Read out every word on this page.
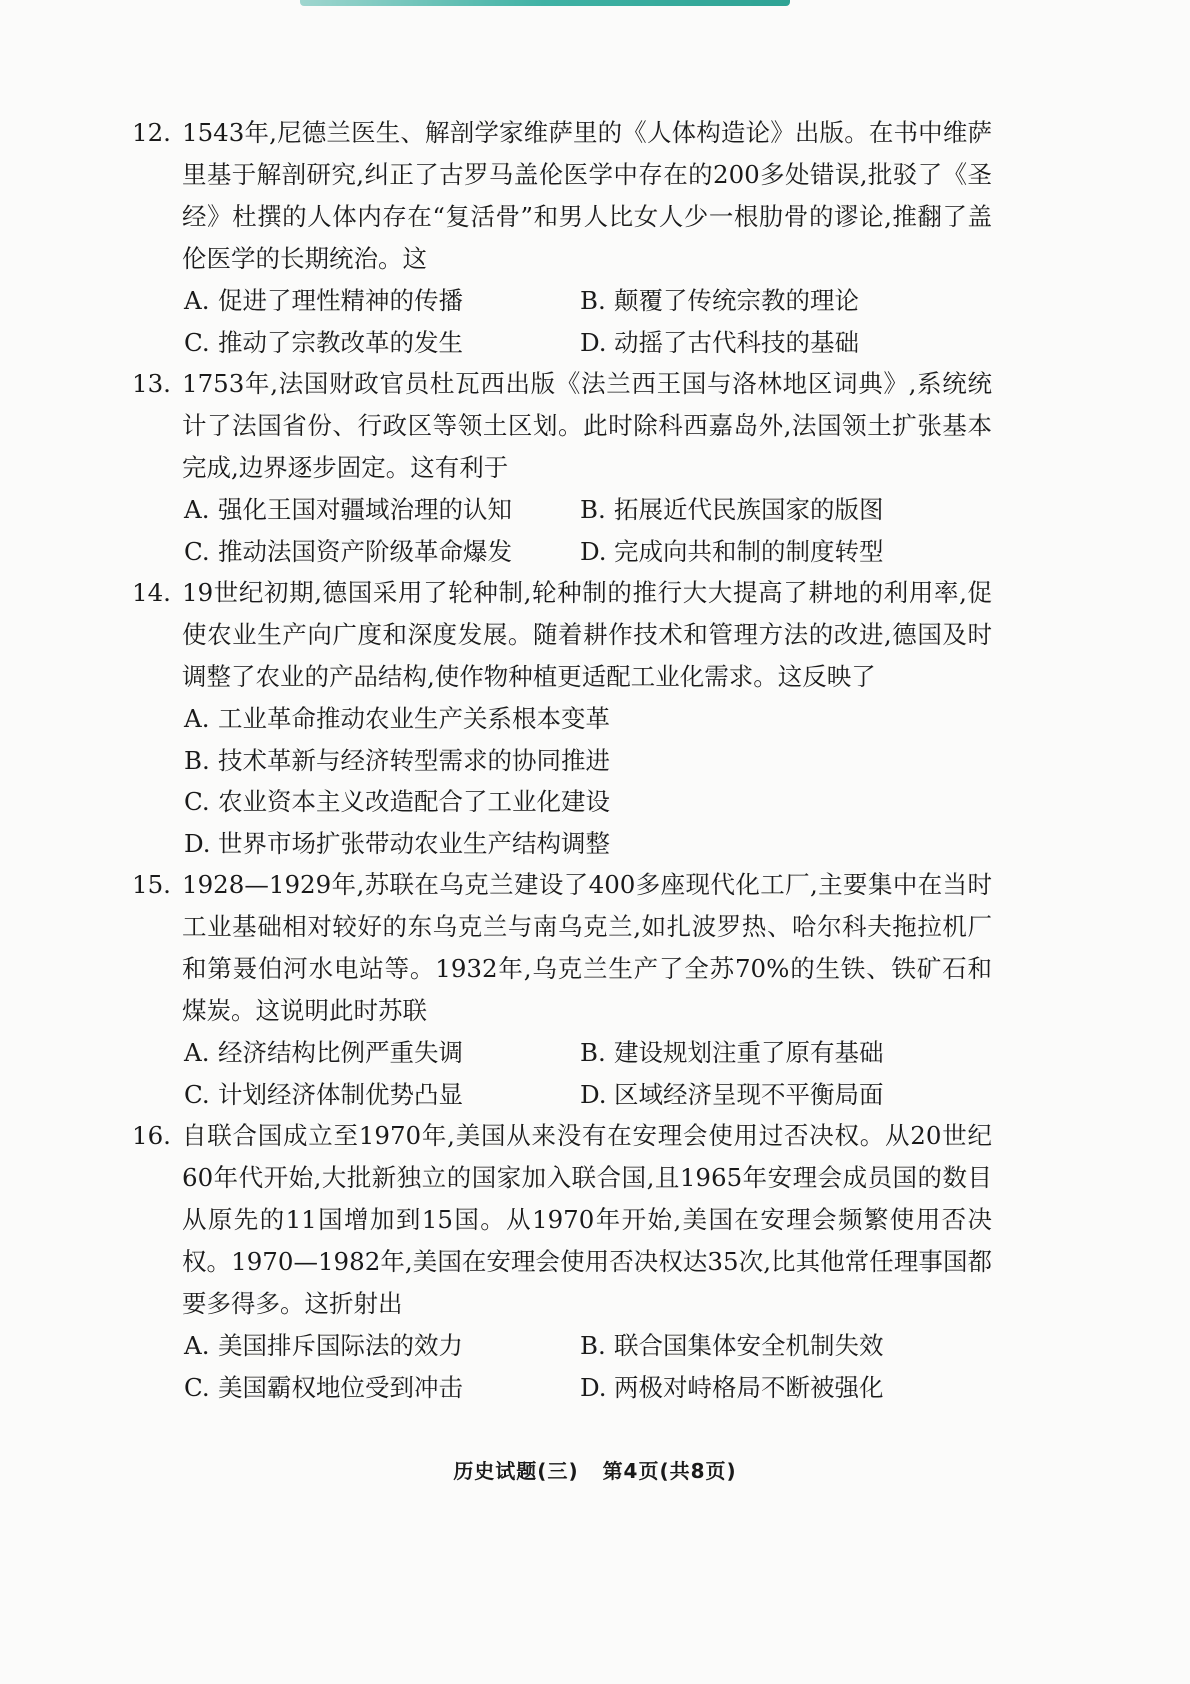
12. 1543年,尼德兰医生、解剖学家维萨里的《人体构造论》出版。在书中维萨里基于解剖研究,纠正了古罗马盖伦医学中存在的200多处错误,批驳了《圣经》杜撰的人体内存在“复活骨”和男人比女人少一根肋骨的谬论,推翻了盖伦医学的长期统治。这
A. 促进了理性精神的传播	B. 颠覆了传统宗教的理论
C. 推动了宗教改革的发生	D. 动摇了古代科技的基础
13. 1753年,法国财政官员杜瓦西出版《法兰西王国与洛林地区词典》,系统统计了法国省份、行政区等领土区划。此时除科西嘉岛外,法国领土扩张基本完成,边界逐步固定。这有利于
A. 强化王国对疆域治理的认知	B. 拓展近代民族国家的版图
C. 推动法国资产阶级革命爆发	D. 完成向共和制的制度转型
14. 19世纪初期,德国采用了轮种制,轮种制的推行大大提高了耕地的利用率,促使农业生产向广度和深度发展。随着耕作技术和管理方法的改进,德国及时调整了农业的产品结构,使作物种植更适配工业化需求。这反映了
A. 工业革命推动农业生产关系根本变革
B. 技术革新与经济转型需求的协同推进
C. 农业资本主义改造配合了工业化建设
D. 世界市场扩张带动农业生产结构调整
15. 1928—1929年,苏联在乌克兰建设了400多座现代化工厂,主要集中在当时工业基础相对较好的东乌克兰与南乌克兰,如扎波罗热、哈尔科夫拖拉机厂和第聂伯河水电站等。1932年,乌克兰生产了全苏70%的生铁、铁矿石和煤炭。这说明此时苏联
A. 经济结构比例严重失调	B. 建设规划注重了原有基础
C. 计划经济体制优势凸显	D. 区域经济呈现不平衡局面
16. 自联合国成立至1970年,美国从来没有在安理会使用过否决权。从20世纪60年代开始,大批新独立的国家加入联合国,且1965年安理会成员国的数目从原先的11国增加到15国。从1970年开始,美国在安理会频繁使用否决权。1970—1982年,美国在安理会使用否决权达35次,比其他常任理事国都要多得多。这折射出
A. 美国排斥国际法的效力	B. 联合国集体安全机制失效
C. 美国霸权地位受到冲击	D. 两极对峙格局不断被强化
历史试题(三) 第4页(共8页)
